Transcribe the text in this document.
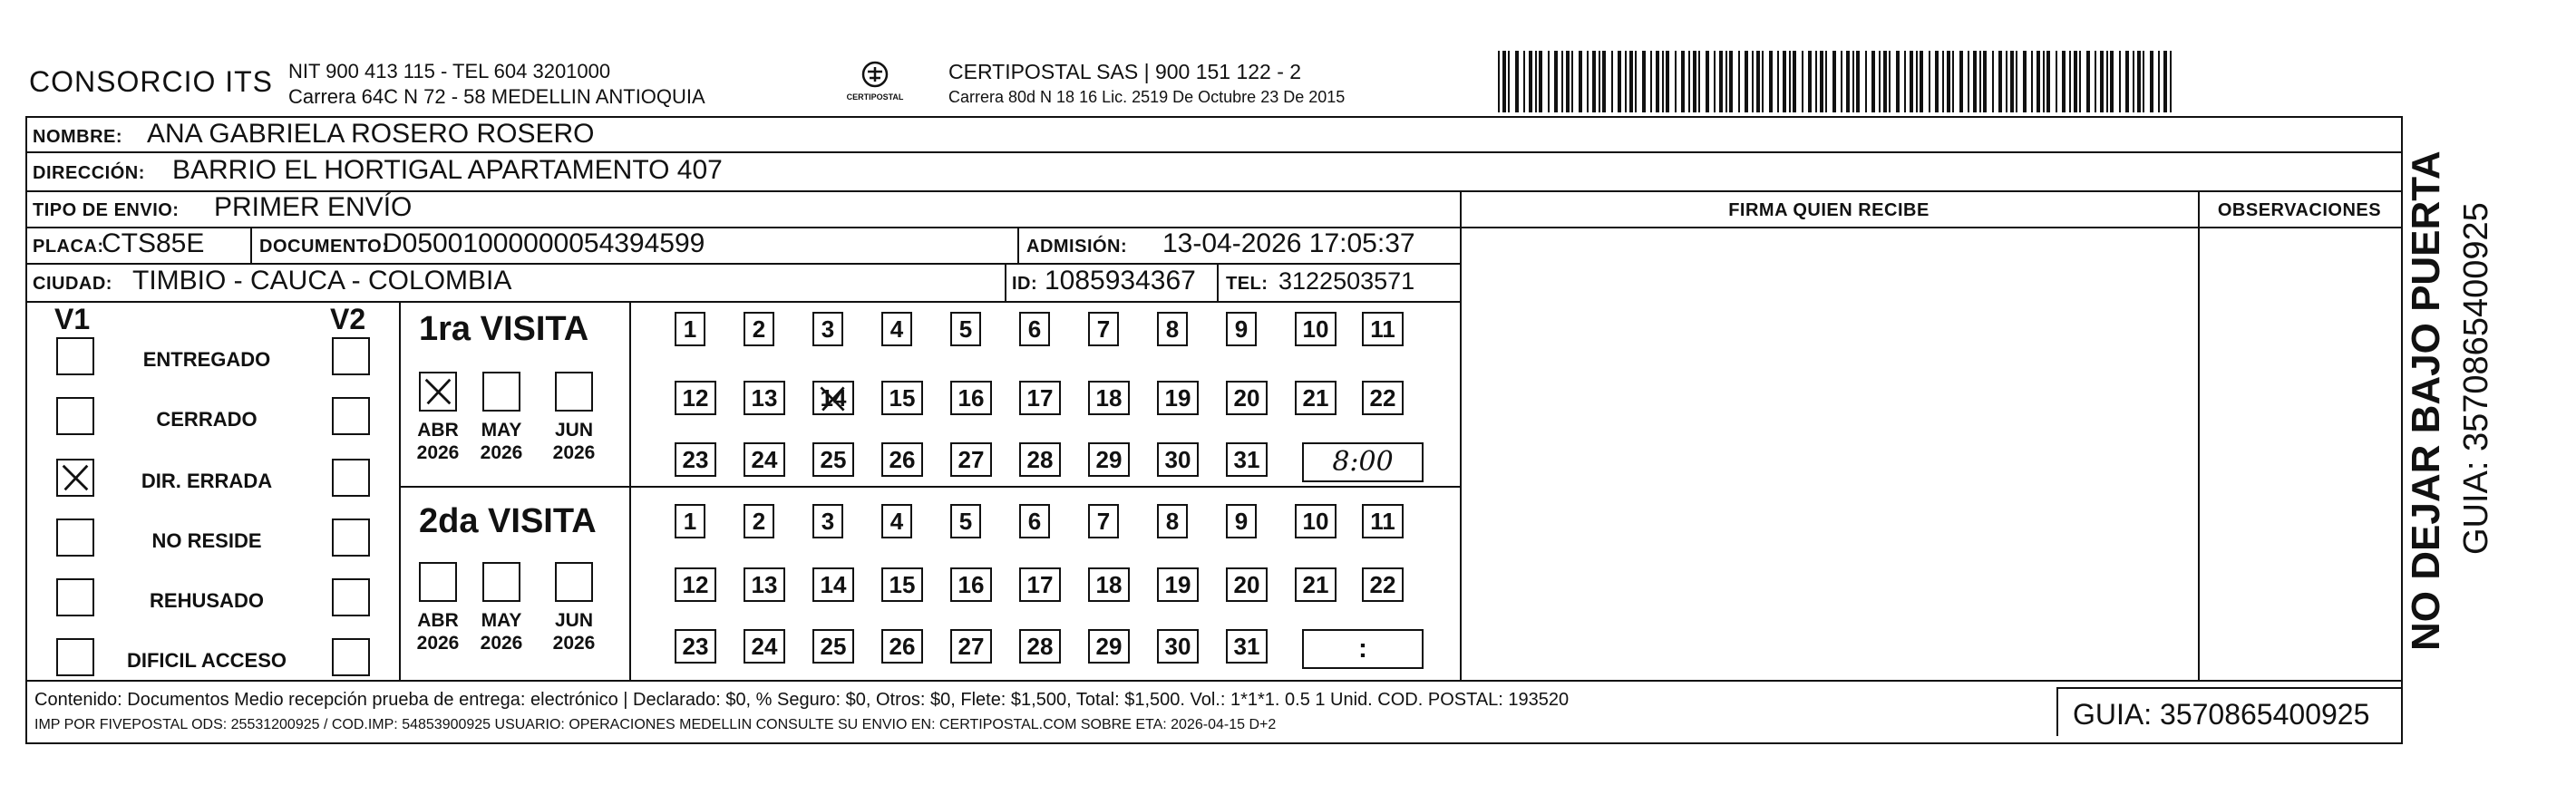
CONSORCIO ITS NIT 900 413 115 - TEL 604 3201000
Carrera 64C N 72 - 58 MEDELLIN ANTIOQUIA	CERTIPOSTAL
CERTIPOSTAL SAS | 900 151 122 - 2
Carrera 80d N 18 16 Lic. 2519 De Octubre 23 De 2015
NOMBRE: ANA GABRIELA ROSERO ROSERO
DIRECCIÓN: BARRIO EL HORTIGAL APARTAMENTO 407
TIPO DE ENVIO: PRIMER ENVÍO	FIRMA QUIEN RECIBE	OBSERVACIONES
PLACA:
CTS85E	DOCUMENTO:
D05001000000054394599	ADMISIÓN: 13-04-2026 17:05:37
CIUDAD: TIMBIO - CAUCA - COLOMBIA	ID: 1085934367 TEL: 3122503571
V1	V2
ENTREGADO
CERRADO
DIR. ERRADA
NO RESIDE
REHUSADO
DIFICIL ACCESO
1ra VISITA
2da VISITA
ABR
2026
MAY
2026
JUN
2026
ABR
2026
MAY
2026
JUN
2026
1	2	3	4	5	6	7	8	9	10	11
12	13	14	15	16	17	18	19	20	21	22
23	24	25	26	27	28	29	30	31	8:00
1	2	3	4	5	6	7	8	9	10	11
12	13	14	15	16	17	18	19	20	21	22
23	24	25	26	27	28	29	30	31	:
Contenido: Documentos Medio recepción prueba de entrega: electrónico | Declarado: $0, % Seguro: $0, Otros: $0, Flete: $1,500, Total: $1,500. Vol.: 1*1*1. 0.5 1 Unid. COD. POSTAL: 193520
IMP POR FIVEPOSTAL ODS: 25531200925 / COD.IMP: 54853900925 USUARIO: OPERACIONES MEDELLIN CONSULTE SU ENVIO EN: CERTIPOSTAL.COM SOBRE ETA: 2026-04-15 D+2	GUIA: 3570865400925
NO DEJAR BAJO PUERTA GUIA: 3570865400925
